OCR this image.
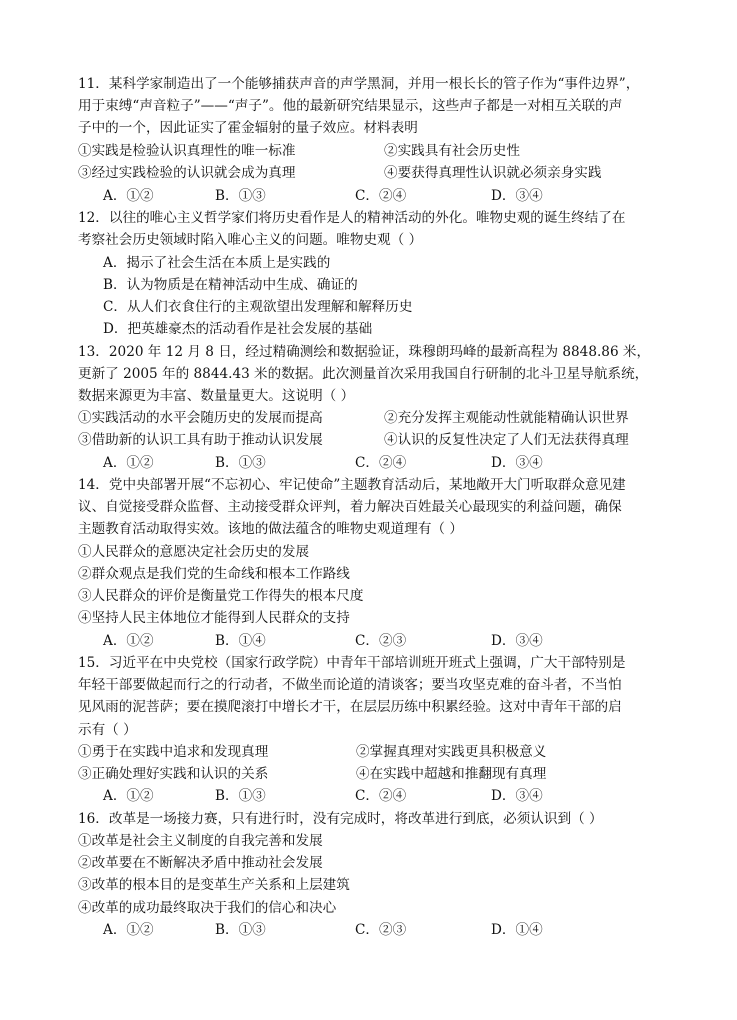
11．某科学家制造出了一个能够捕获声音的声学黑洞，并用一根长长的管子作为“事件边界”，
用于束缚“声音粒子”——“声子”。他的最新研究结果显示，这些声子都是一对相互关联的声
子中的一个，因此证实了霍金辐射的量子效应。材料表明
①实践是检验认识真理性的唯一标准	②实践具有社会历史性
③经过实践检验的认识就会成为真理	④要获得真理性认识就必须亲身实践
A．①②	B．①③	C．②④	D．③④
12．以往的唯心主义哲学家们将历史看作是人的精神活动的外化。唯物史观的诞生终结了在
考察社会历史领域时陷入唯心主义的问题。唯物史观（ ）
A．揭示了社会生活在本质上是实践的
B．认为物质是在精神活动中生成、确证的
C．从人们衣食住行的主观欲望出发理解和解释历史
D．把英雄豪杰的活动看作是社会发展的基础
13．2020 年 12 月 8 日，经过精确测绘和数据验证，珠穆朗玛峰的最新高程为 8848.86 米，
更新了 2005 年的 8844.43 米的数据。此次测量首次采用我国自行研制的北斗卫星导航系统，
数据来源更为丰富、数量量更大。这说明（ ）
①实践活动的水平会随历史的发展而提高	②充分发挥主观能动性就能精确认识世界
③借助新的认识工具有助于推动认识发展	④认识的反复性决定了人们无法获得真理
A．①②	B．①③	C．②④	D．③④
14．党中央部署开展“不忘初心、牢记使命”主题教育活动后，某地敞开大门听取群众意见建
议、自觉接受群众监督、主动接受群众评判，着力解决百姓最关心最现实的利益问题，确保
主题教育活动取得实效。该地的做法蕴含的唯物史观道理有（ ）
①人民群众的意愿决定社会历史的发展
②群众观点是我们党的生命线和根本工作路线
③人民群众的评价是衡量党工作得失的根本尺度
④坚持人民主体地位才能得到人民群众的支持
A．①②	B．①④	C．②③	D．③④
15．习近平在中央党校（国家行政学院）中青年干部培训班开班式上强调，广大干部特别是
年轻干部要做起而行之的行动者，不做坐而论道的清谈客；要当攻坚克难的奋斗者，不当怕
见风雨的泥菩萨；要在摸爬滚打中增长才干，在层层历练中积累经验。这对中青年干部的启
示有（ ）
①勇于在实践中追求和发现真理	②掌握真理对实践更具积极意义
③正确处理好实践和认识的关系	④在实践中超越和推翻现有真理
A．①②	B．①③	C．②④	D．③④
16．改革是一场接力赛，只有进行时，没有完成时，将改革进行到底，必须认识到（ ）
①改革是社会主义制度的自我完善和发展
②改革要在不断解决矛盾中推动社会发展
③改革的根本目的是变革生产关系和上层建筑
④改革的成功最终取决于我们的信心和决心
A．①②	B．①③	C．②③	D．①④
